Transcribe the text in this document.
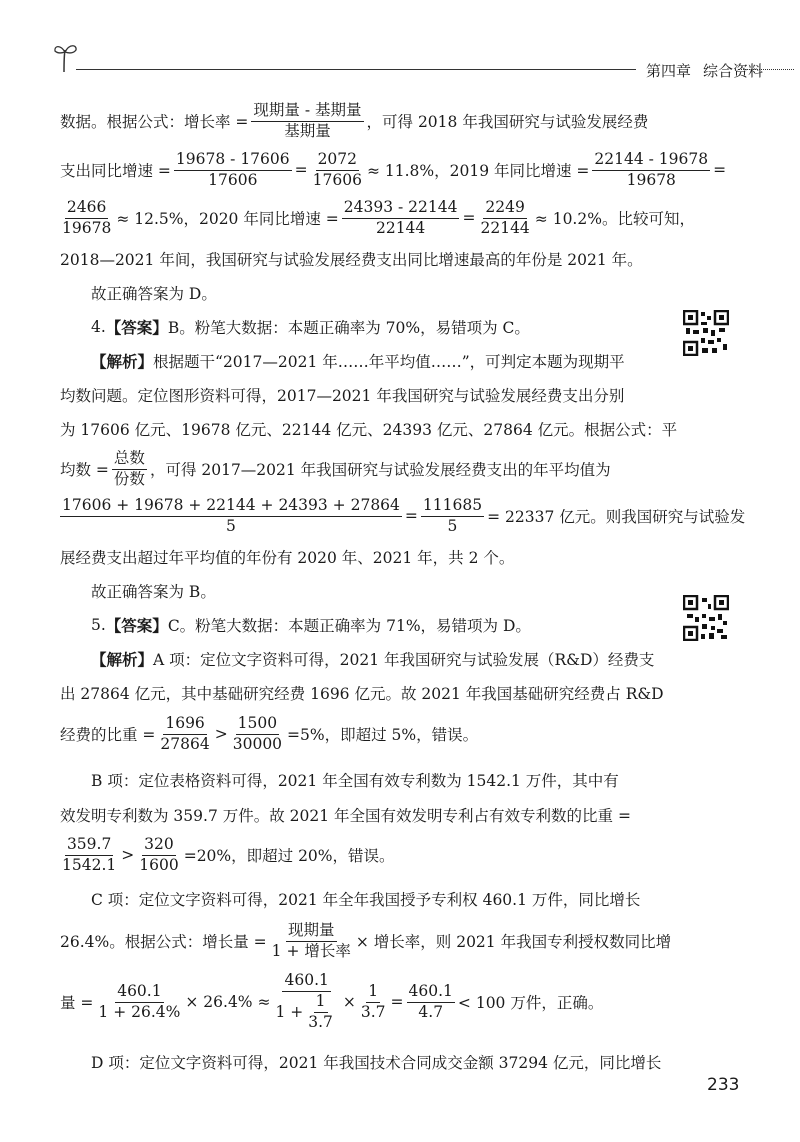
第四章 综合资料
数据。根据公式：增长率 = $\frac{\text{现期量 - 基期量}}{\text{基期量}}$ ，可得 2018 年我国研究与试验发展经费
支出同比增速 = $\frac{19678 - 17606}{17606} = \frac{2072}{17606} \approx 11.8\%$，2019 年同比增速 = $\frac{22144 - 19678}{19678}$ =
$\frac{2466}{19678} \approx 12.5\%$，2020 年同比增速 = $\frac{24393 - 22144}{22144} = \frac{2249}{22144} \approx 10.2\%$。比较可知，
2018—2021 年间，我国研究与试验发展经费支出同比增速最高的年份是 2021 年。
故正确答案为 D。
4. 【答案】 B。粉笔大数据：本题正确率为 70%，易错项为 C。
【解析】 根据题干“2017—2021 年……年平均值……”，可判定本题为现期平
均数问题。定位图形资料可得，2017—2021 年我国研究与试验发展经费支出分别
为 17606 亿元、19678 亿元、22144 亿元、24393 亿元、27864 亿元。根据公式：平
均数 = $\frac{\text{总数}}{\text{份数}}$ ，可得 2017—2021 年我国研究与试验发展经费支出的年平均值为
$\frac{17606 + 19678 + 22144 + 24393 + 27864}{5} = \frac{111685}{5} = 22337$ 亿元。则我国研究与试验发
展经费支出超过年平均值的年份有 2020 年、2021 年，共 2 个。
故正确答案为 B。
5. 【答案】 C。粉笔大数据：本题正确率为 71%，易错项为 D。
【解析】 A 项：定位文字资料可得，2021 年我国研究与试验发展（R&D）经费支
出 27864 亿元，其中基础研究经费 1696 亿元。故 2021 年我国基础研究经费占 R&D
经费的比重 = $\frac{1696}{27864} > \frac{1500}{30000} =5\%$，即超过 5%，错误。
B 项：定位表格资料可得，2021 年全国有效专利数为 1542.1 万件，其中有
效发明专利数为 359.7 万件。故 2021 年全国有效发明专利占有效专利数的比重 =
$\frac{359.7}{1542.1} > \frac{320}{1600} =20\%$，即超过 20%，错误。
C 项：定位文字资料可得，2021 年全年我国授予专利权 460.1 万件，同比增长
26.4%。根据公式：增长量 = $\frac{\text{现期量}}{\text{1 + 增长率}}$ × 增长率，则 2021 年我国专利授权数同比增
量 = $\frac{460.1}{1 + 26.4\%} \times 26.4\% \approx \frac{460.1}{1 + \frac{1}{3.7}} \times \frac{1}{3.7} = \frac{460.1}{4.7} < 100$ 万件，正确。
D 项：定位文字资料可得，2021 年我国技术合同成交金额 37294 亿元，同比增长
233
